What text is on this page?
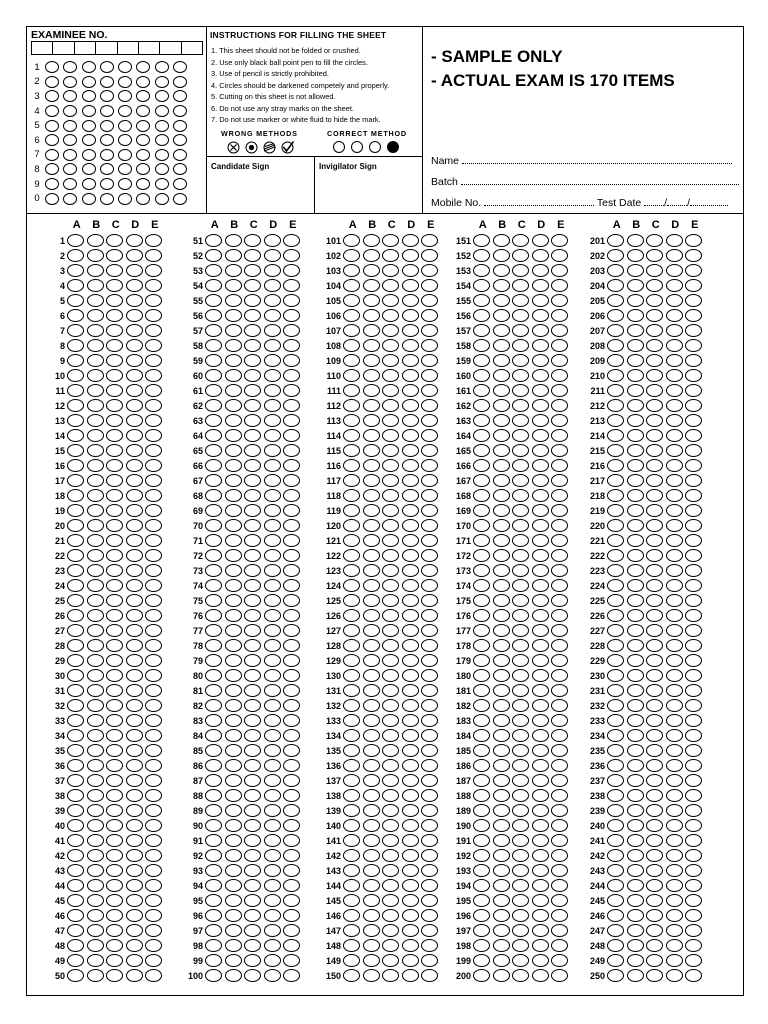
EXAMINEE NO.
1
2
3
4
5
6
7
8
9
0
INSTRUCTIONS FOR FILLING THE SHEET
1. This sheet should not be folded or crushed.
2. Use only black ball point pen to fill the circles.
3. Use of pencil is strictly prohibited.
4. Circles should be darkened competely and properly.
5. Cutting on this sheet is not allowed.
6. Do not use any stray marks on the sheet.
7. Do not use marker or white fluid to hide the mark.
WRONG METHODS	CORRECT METHOD
Candidate Sign	Invigilator Sign
- SAMPLE ONLY
- ACTUAL EXAM IS 170 ITEMS
Name
Batch
Mobile No.	Test Date / /
A	B	C	D	E
1
2
3
4
5
6
7
8
9
10
11
12
13
14
15
16
17
18
19
20
21
22
23
24
25
26
27
28
29
30
31
32
33
34
35
36
37
38
39
40
41
42
43
44
45
46
47
48
49
50
A	B	C	D	E
51
52
53
54
55
56
57
58
59
60
61
62
63
64
65
66
67
68
69
70
71
72
73
74
75
76
77
78
79
80
81
82
83
84
85
86
87
88
89
90
91
92
93
94
95
96
97
98
99
100
A	B	C	D	E
101
102
103
104
105
106
107
108
109
110
111
112
113
114
115
116
117
118
119
120
121
122
123
124
125
126
127
128
129
130
131
132
133
134
135
136
137
138
139
140
141
142
143
144
145
146
147
148
149
150
A	B	C	D	E
151
152
153
154
155
156
157
158
159
160
161
162
163
164
165
166
167
168
169
170
171
172
173
174
175
176
177
178
179
180
181
182
183
184
185
186
187
188
189
190
191
192
193
194
195
196
197
198
199
200
A	B	C	D	E
201
202
203
204
205
206
207
208
209
210
211
212
213
214
215
216
217
218
219
220
221
222
223
224
225
226
227
228
229
230
231
232
233
234
235
236
237
238
239
240
241
242
243
244
245
246
247
248
249
250
